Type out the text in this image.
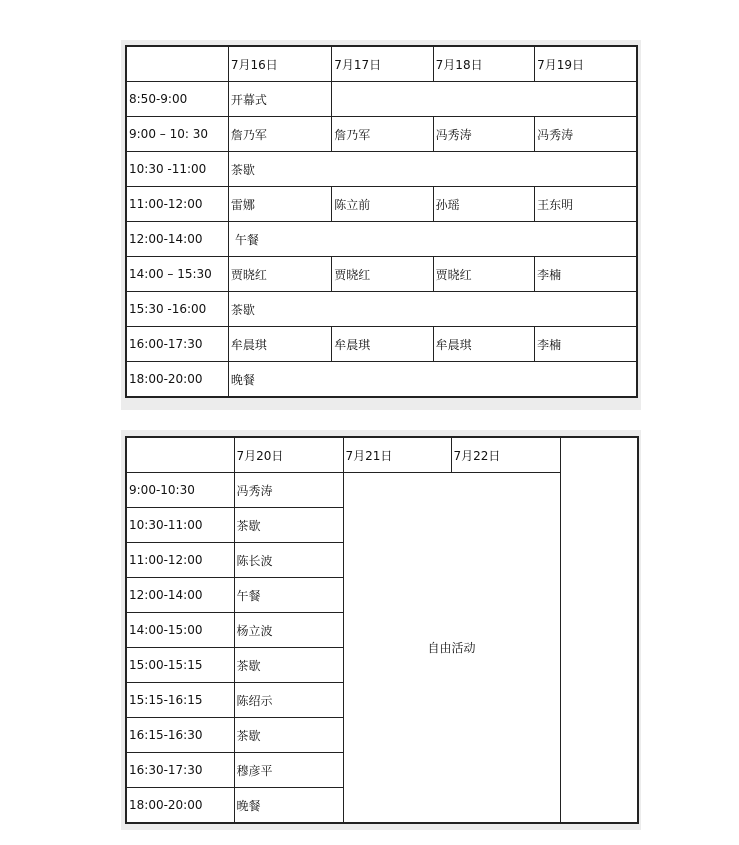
	7月16日	7月17日	7月18日	7月19日
8:50-9:00	开幕式			
9:00 – 10: 30	詹乃军	詹乃军	冯秀涛	冯秀涛
10:30 -11:00	茶歇			
11:00-12:00	雷娜	陈立前	孙瑶	王东明
12:00-14:00	午餐			
14:00 – 15:30	贾晓红	贾晓红	贾晓红	李楠
15:30 -16:00	茶歇			
16:00-17:30	牟晨琪	牟晨琪	牟晨琪	李楠
18:00-20:00	晚餐			
	7月20日	7月21日	7月22日	
9:00-10:30	冯秀涛	自由活动		
10:30-11:00	茶歇			
11:00-12:00	陈长波			
12:00-14:00	午餐			
14:00-15:00	杨立波			
15:00-15:15	茶歇			
15:15-16:15	陈绍示			
16:15-16:30	茶歇			
16:30-17:30	穆彦平			
18:00-20:00	晚餐			
